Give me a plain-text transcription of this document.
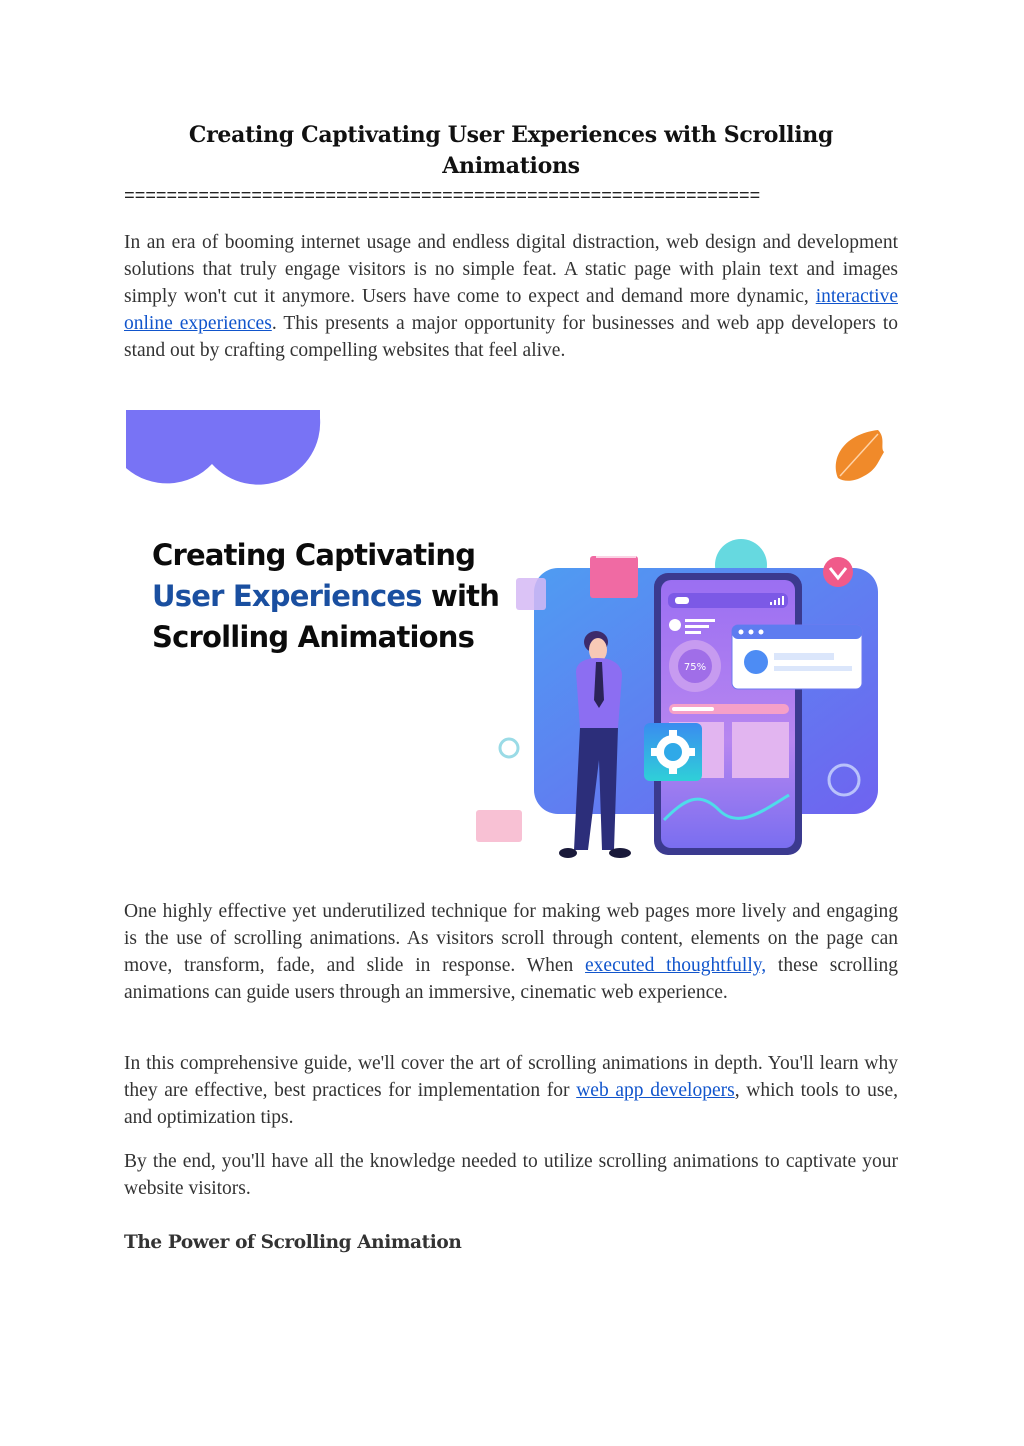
Creating Captivating User Experiences with Scrolling
Animations
============================================================

In an era of booming internet usage and endless digital distraction, web design and development solutions that truly engage visitors is no simple feat. A static page with plain text and images simply won't cut it anymore. Users have come to expect and demand more dynamic, interactive online experiences. This presents a major opportunity for businesses and web app developers to stand out by crafting compelling websites that feel alive.

75%
Creating Captivating
User Experiences with
Scrolling Animations

One highly effective yet underutilized technique for making web pages more lively and engaging is the use of scrolling animations. As visitors scroll through content, elements on the page can move, transform, fade, and slide in response. When executed thoughtfully, these scrolling animations can guide users through an immersive, cinematic web experience.

In this comprehensive guide, we'll cover the art of scrolling animations in depth. You'll learn why they are effective, best practices for implementation for web app developers, which tools to use, and optimization tips.

By the end, you'll have all the knowledge needed to utilize scrolling animations to captivate your website visitors.

The Power of Scrolling Animation
